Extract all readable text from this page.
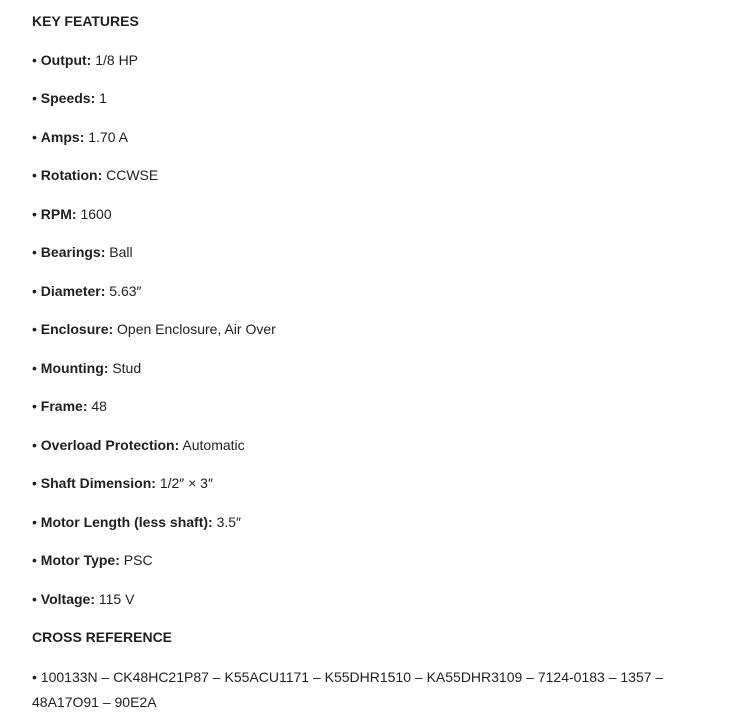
KEY FEATURES
• Output: 1/8 HP
• Speeds: 1
• Amps: 1.70 A
• Rotation: CCWSE
• RPM: 1600
• Bearings: Ball
• Diameter: 5.63″
• Enclosure: Open Enclosure, Air Over
• Mounting: Stud
• Frame: 48
• Overload Protection: Automatic
• Shaft Dimension: 1/2″ × 3″
• Motor Length (less shaft): 3.5″
• Motor Type: PSC
• Voltage: 115 V
CROSS REFERENCE
• 100133N – CK48HC21P87 – K55ACU1171 – K55DHR1510 – KA55DHR3109 – 7124-0183 – 1357 – 48A17O91 – 90E2A
